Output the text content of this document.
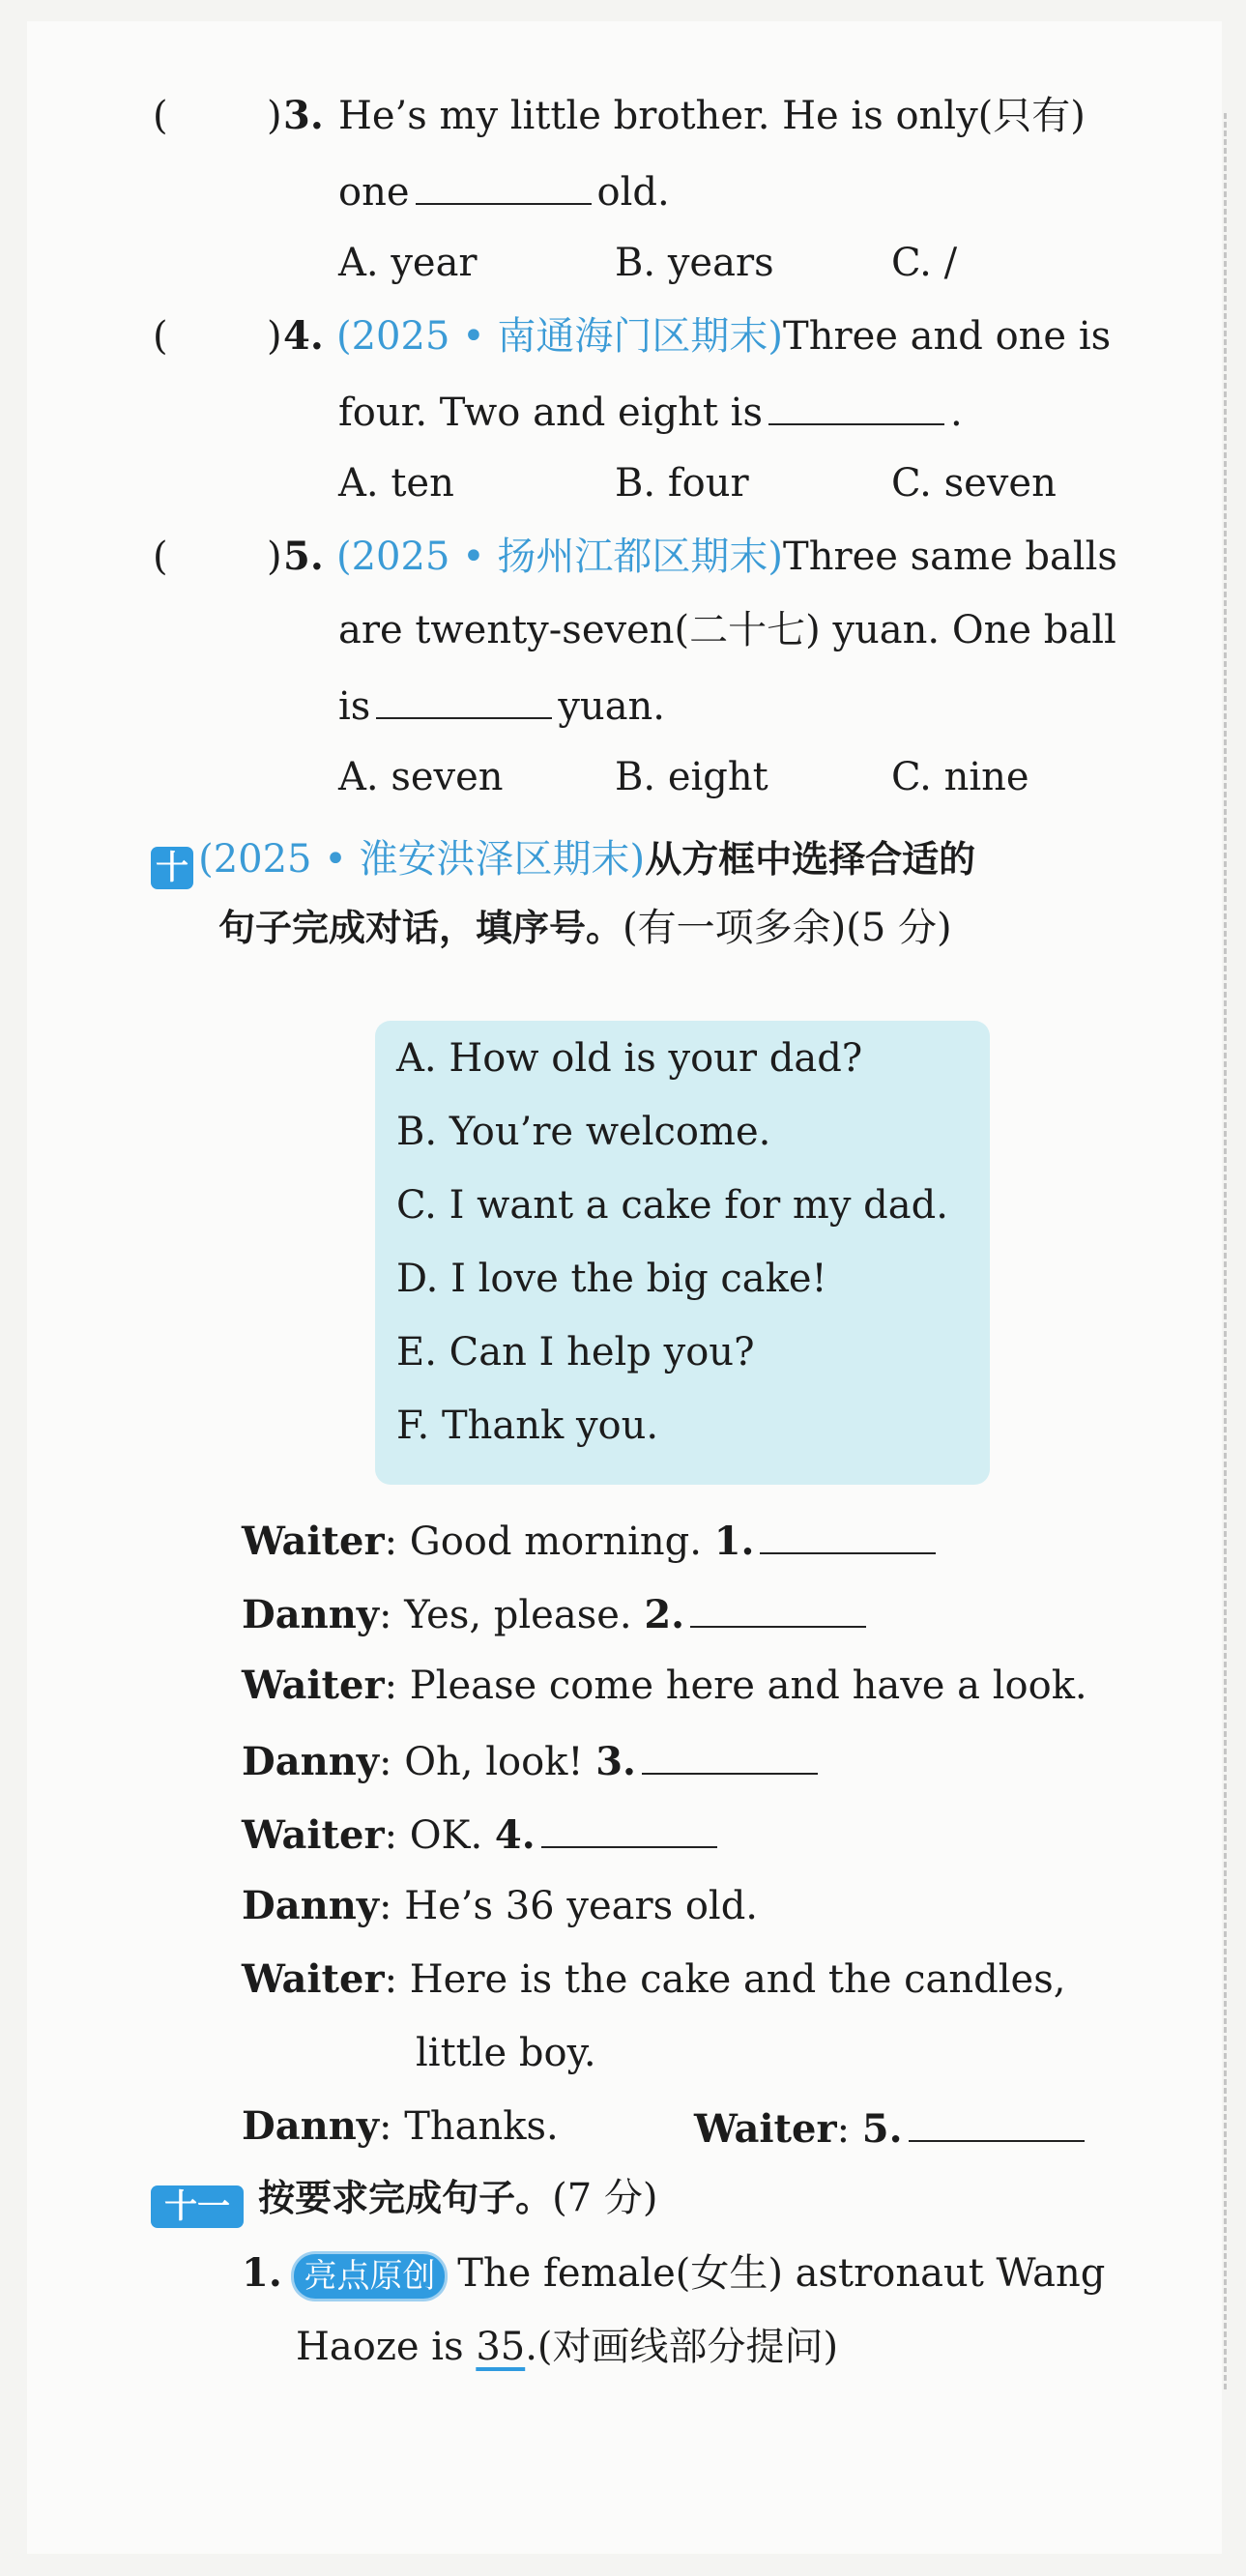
(	) 3. He’s my little brother. He is only(只有)
one	old.
A. year	B. years	C. /
(	) 4. (2025 • 南通海门区期末)Three and one is
four. Two and eight is	.
A. ten	B. four	C. seven
(	) 5. (2025 • 扬州江都区期末)Three same balls
are twenty-seven(二十七) yuan. One ball
is	yuan.
A. seven	B. eight	C. nine
十 (2025 • 淮安洪泽区期末)从方框中选择合适的
句子完成对话，填序号。(有一项多余)(5 分)
A. How old is your dad?
B. You’re welcome.
C. I want a cake for my dad.
D. I love the big cake!
E. Can I help you?
F. Thank you.
Waiter: Good morning. 1.
Danny: Yes, please. 2.
Waiter: Please come here and have a look.
Danny: Oh, look! 3.
Waiter: OK. 4.
Danny: He’s 36 years old.
Waiter: Here is the cake and the candles,
little boy.
Danny: Thanks.	Waiter: 5.
十一 按要求完成句子。(7 分)
1. 亮点原创 The female(女生) astronaut Wang
Haoze is 35.(对画线部分提问)
